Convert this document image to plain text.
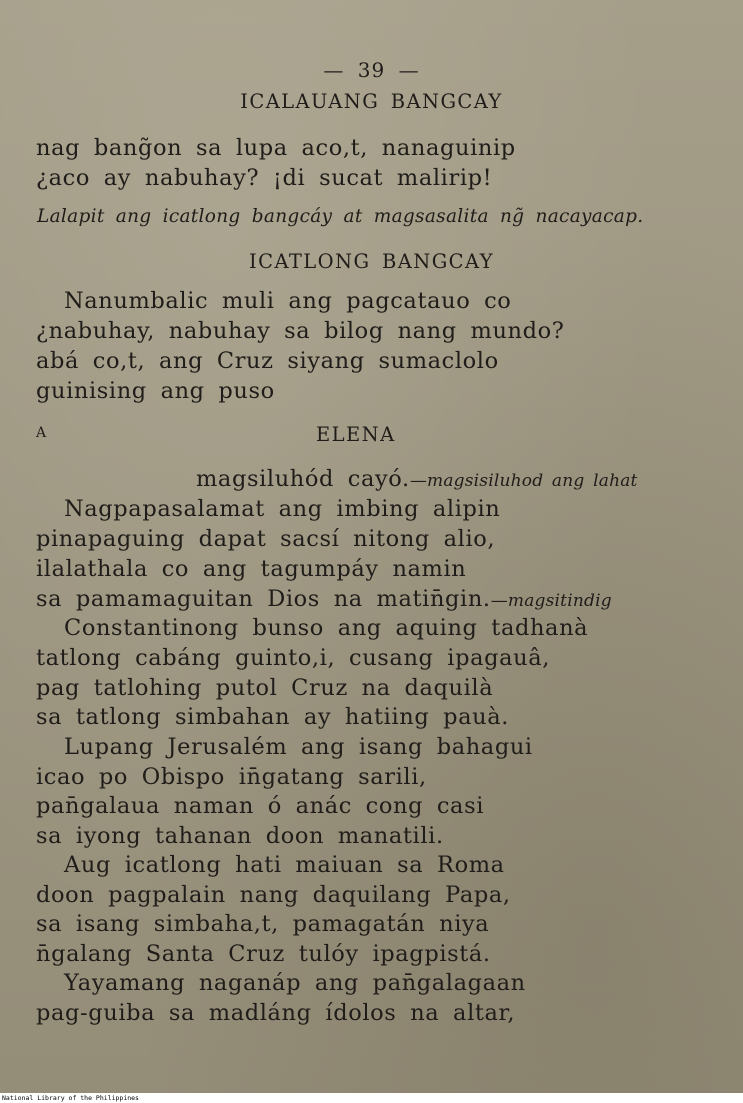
— 39 —
ICALAUANG BANGCAY
nag bang̃on sa lupa aco,t, nanaguinip
¿aco ay nabuhay? ¡di sucat malirip!
Lalapit ang icatlong bangcáy at magsasalita ng̃ nacayacap.
ICATLONG BANGCAY
Nanumbalic muli ang pagcatauo co
¿nabuhay, nabuhay sa bilog nang mundo?
abá co,t, ang Cruz siyang sumaclolo
guinising ang puso
A	ELENA
magsiluhód cayó.—magsisiluhod ang lahat
Nagpapasalamat ang imbing alipin
pinapaguing dapat sacsí nitong alio,
ilalathala co ang tagumpáy namin
sa pamamaguitan Dios na matin̄gin.—magsitindig
Constantinong bunso ang aquing tadhanà
tatlong cabáng guinto,i, cusang ipagauâ,
pag tatlohing putol Cruz na daquilà
sa tatlong simbahan ay hatiing pauà.
Lupang Jerusalém ang isang bahagui
icao po Obispo in̄gatang sarili,
pan̄galaua naman ó anác cong casi
sa iyong tahanan doon manatili.
Aug icatlong hati maiuan sa Roma
doon pagpalain nang daquilang Papa,
sa isang simbaha,t, pamagatán niya
n̄galang Santa Cruz tulóy ipagpistá.
Yayamang naganáp ang pan̄galagaan
pag-guiba sa madláng ídolos na altar,
National Library of the Philippines
